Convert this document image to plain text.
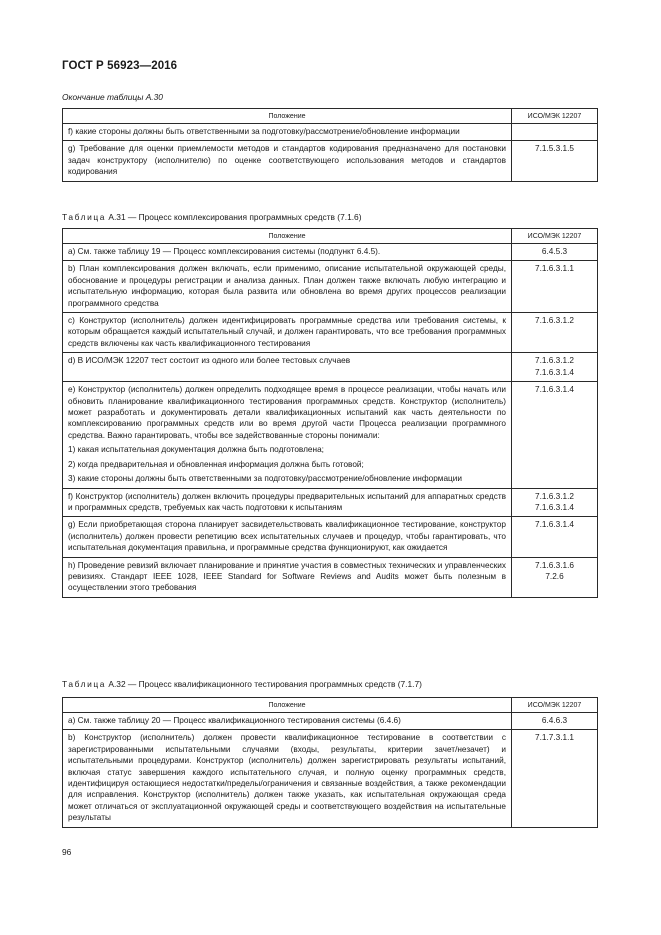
ГОСТ Р 56923—2016
Окончание таблицы А.30
Положение	ИСО/МЭК 12207
f) какие стороны должны быть ответственными за подготовку/рассмотрение/обновление информации	
g) Требование для оценки приемлемости методов и стандартов кодирования предназначено для постановки задач конструктору (исполнителю) по оценке соответствующего использования методов и стандартов кодирования	7.1.5.3.1.5
Таблица А.31 — Процесс комплексирования программных средств (7.1.6)
Положение	ИСО/МЭК 12207
a) См. также таблицу 19 — Процесс комплексирования системы (подпункт 6.4.5).	6.4.5.3

b) План комплексирования должен включать, если применимо, описание испытательной окружающей среды, обоснование и процедуры регистрации и анализа данных. План должен также включать любую интеграцию и испытательную информацию, которая была развита или обновлена во время других процессов реализации программного средства	7.1.6.3.1.1

c) Конструктор (исполнитель) должен идентифицировать программные средства или требования системы, к которым обращается каждый испытательный случай, и должен гарантировать, что все требования программных средств включены как часть квалификационного тестирования	7.1.6.3.1.2

d) В ИСО/МЭК 12207 тест состоит из одного или более тестовых случаев	7.1.6.3.1.2
7.1.6.3.1.4

e) Конструктор (исполнитель) должен определить подходящее время в процессе реализации, чтобы начать или обновить планирование квалификационного тестирования программных средств. Конструктор (исполнитель) может разработать и документировать детали квалификационных испытаний как часть деятельности по комплексированию программных средств или во время другой части Процесса реализации программного средства. Важно гарантировать, чтобы все задействованные стороны понимали:

1) какая испытательная документация должна быть подготовлена;

2) когда предварительная и обновленная информация должна быть готовой;

3) какие стороны должны быть ответственными за подготовку/рассмотрение/обновление информации	7.1.6.3.1.4

f) Конструктор (исполнитель) должен включить процедуры предварительных испытаний для аппаратных средств и программных средств, требуемых как часть подготовки к испытаниям	7.1.6.3.1.2
7.1.6.3.1.4

g) Если приобретающая сторона планирует засвидетельствовать квалификационное тестирование, конструктор (исполнитель) должен провести репетицию всех испытательных случаев и процедур, чтобы гарантировать, что испытательная документация правильна, и программные средства функционируют, как ожидается	7.1.6.3.1.4

h) Проведение ревизий включает планирование и принятие участия в совместных технических и управленческих ревизиях. Стандарт IEEE 1028, IEEE Standard for Software Reviews and Audits может быть полезным в осуществлении этого требования	7.1.6.3.1.6
7.2.6
Таблица А.32 — Процесс квалификационного тестирования программных средств (7.1.7)
Положение	ИСО/МЭК 12207
a) См. также таблицу 20 — Процесс квалификационного тестирования системы (6.4.6)	6.4.6.3

b) Конструктор (исполнитель) должен провести квалификационное тестирование в соответствии с зарегистрированными испытательными случаями (входы, результаты, критерии зачет/незачет) и испытательными процедурами. Конструктор (исполнитель) должен зарегистрировать результаты испытаний, включая статус завершения каждого испытательного случая, и полную оценку программных средств, идентифицируя остающиеся недостатки/пределы/ограничения и связанные воздействия, а также рекомендации для исправления. Конструктор (исполнитель) должен также указать, как испытательная окружающая среда может отличаться от эксплуатационной окружающей среды и соответствующего воздействия на испытательные результаты	7.1.7.3.1.1
96
